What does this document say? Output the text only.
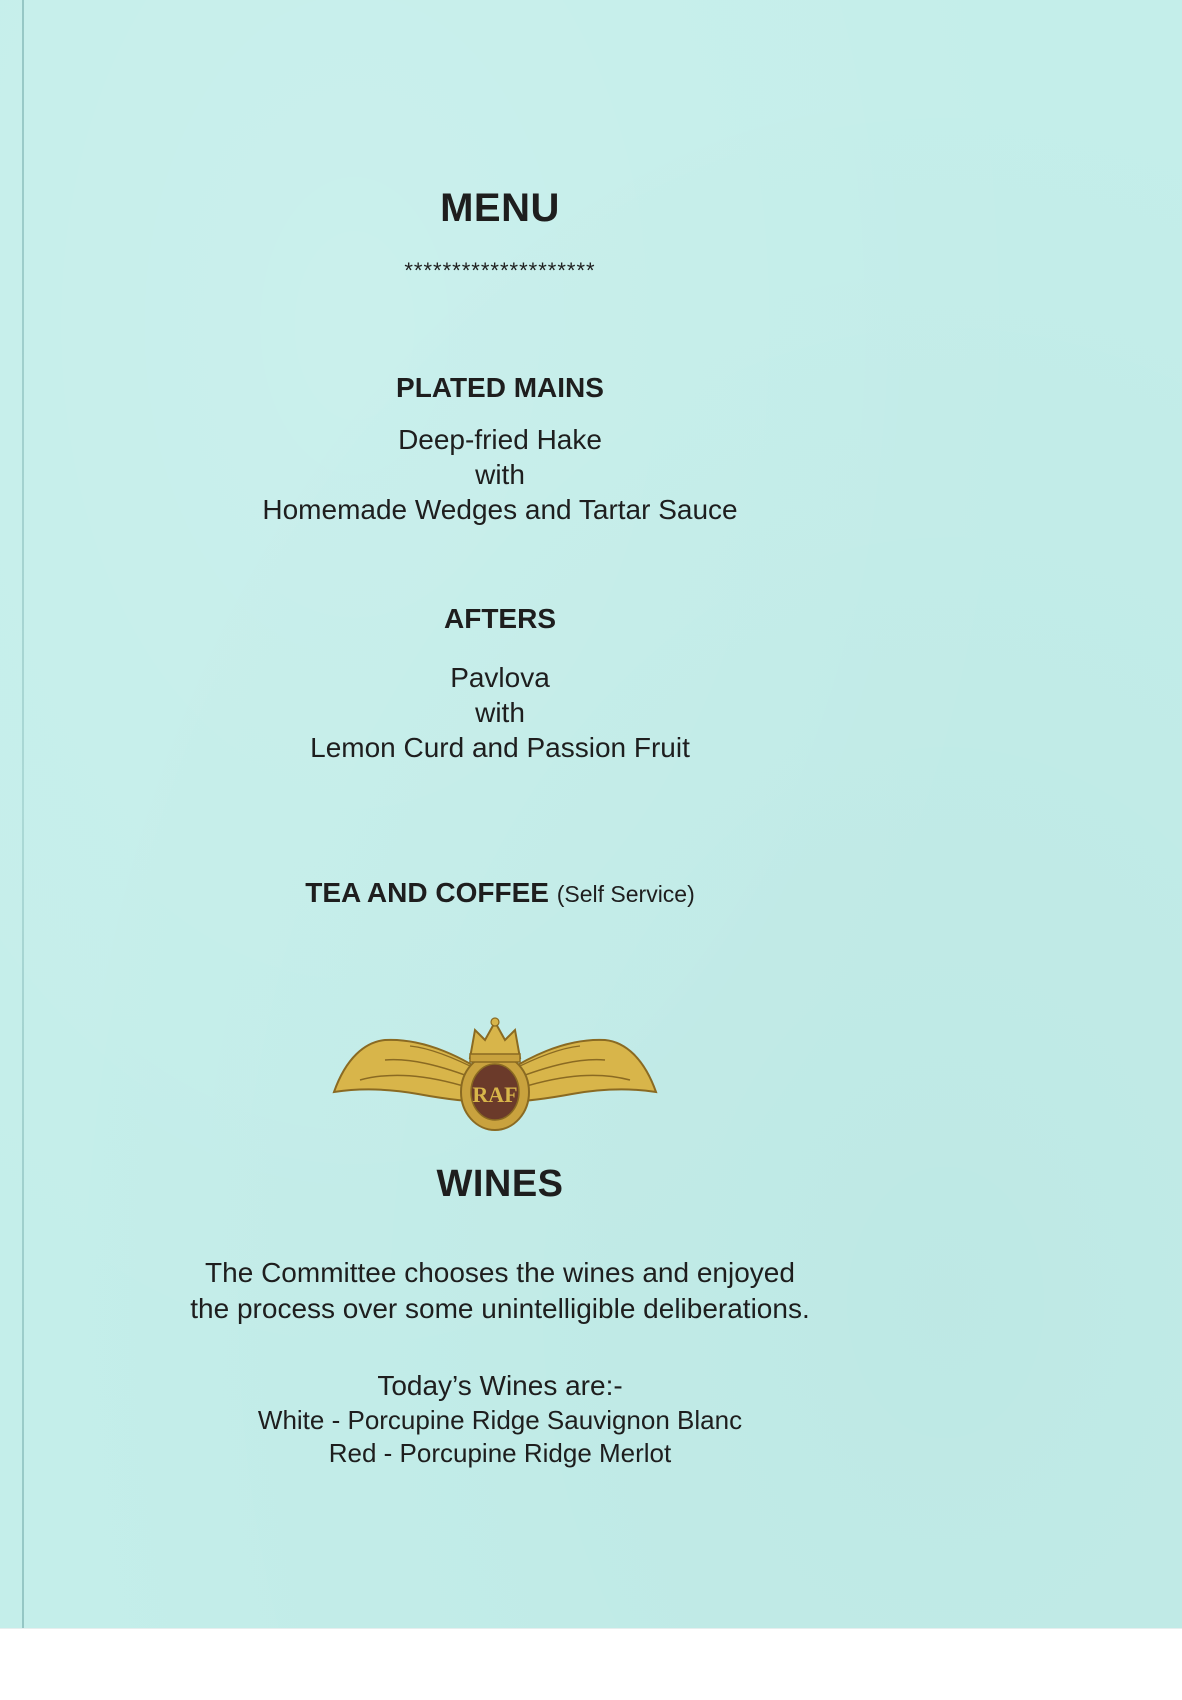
MENU
********************
PLATED MAINS
Deep-fried Hake
with
Homemade Wedges and Tartar Sauce
AFTERS
Pavlova
with
Lemon Curd and Passion Fruit
TEA AND COFFEE (Self Service)
RAF
WINES
The Committee chooses the wines and enjoyed
the process over some unintelligible deliberations.
Today’s Wines are:-
White - Porcupine Ridge Sauvignon Blanc
Red - Porcupine Ridge Merlot
